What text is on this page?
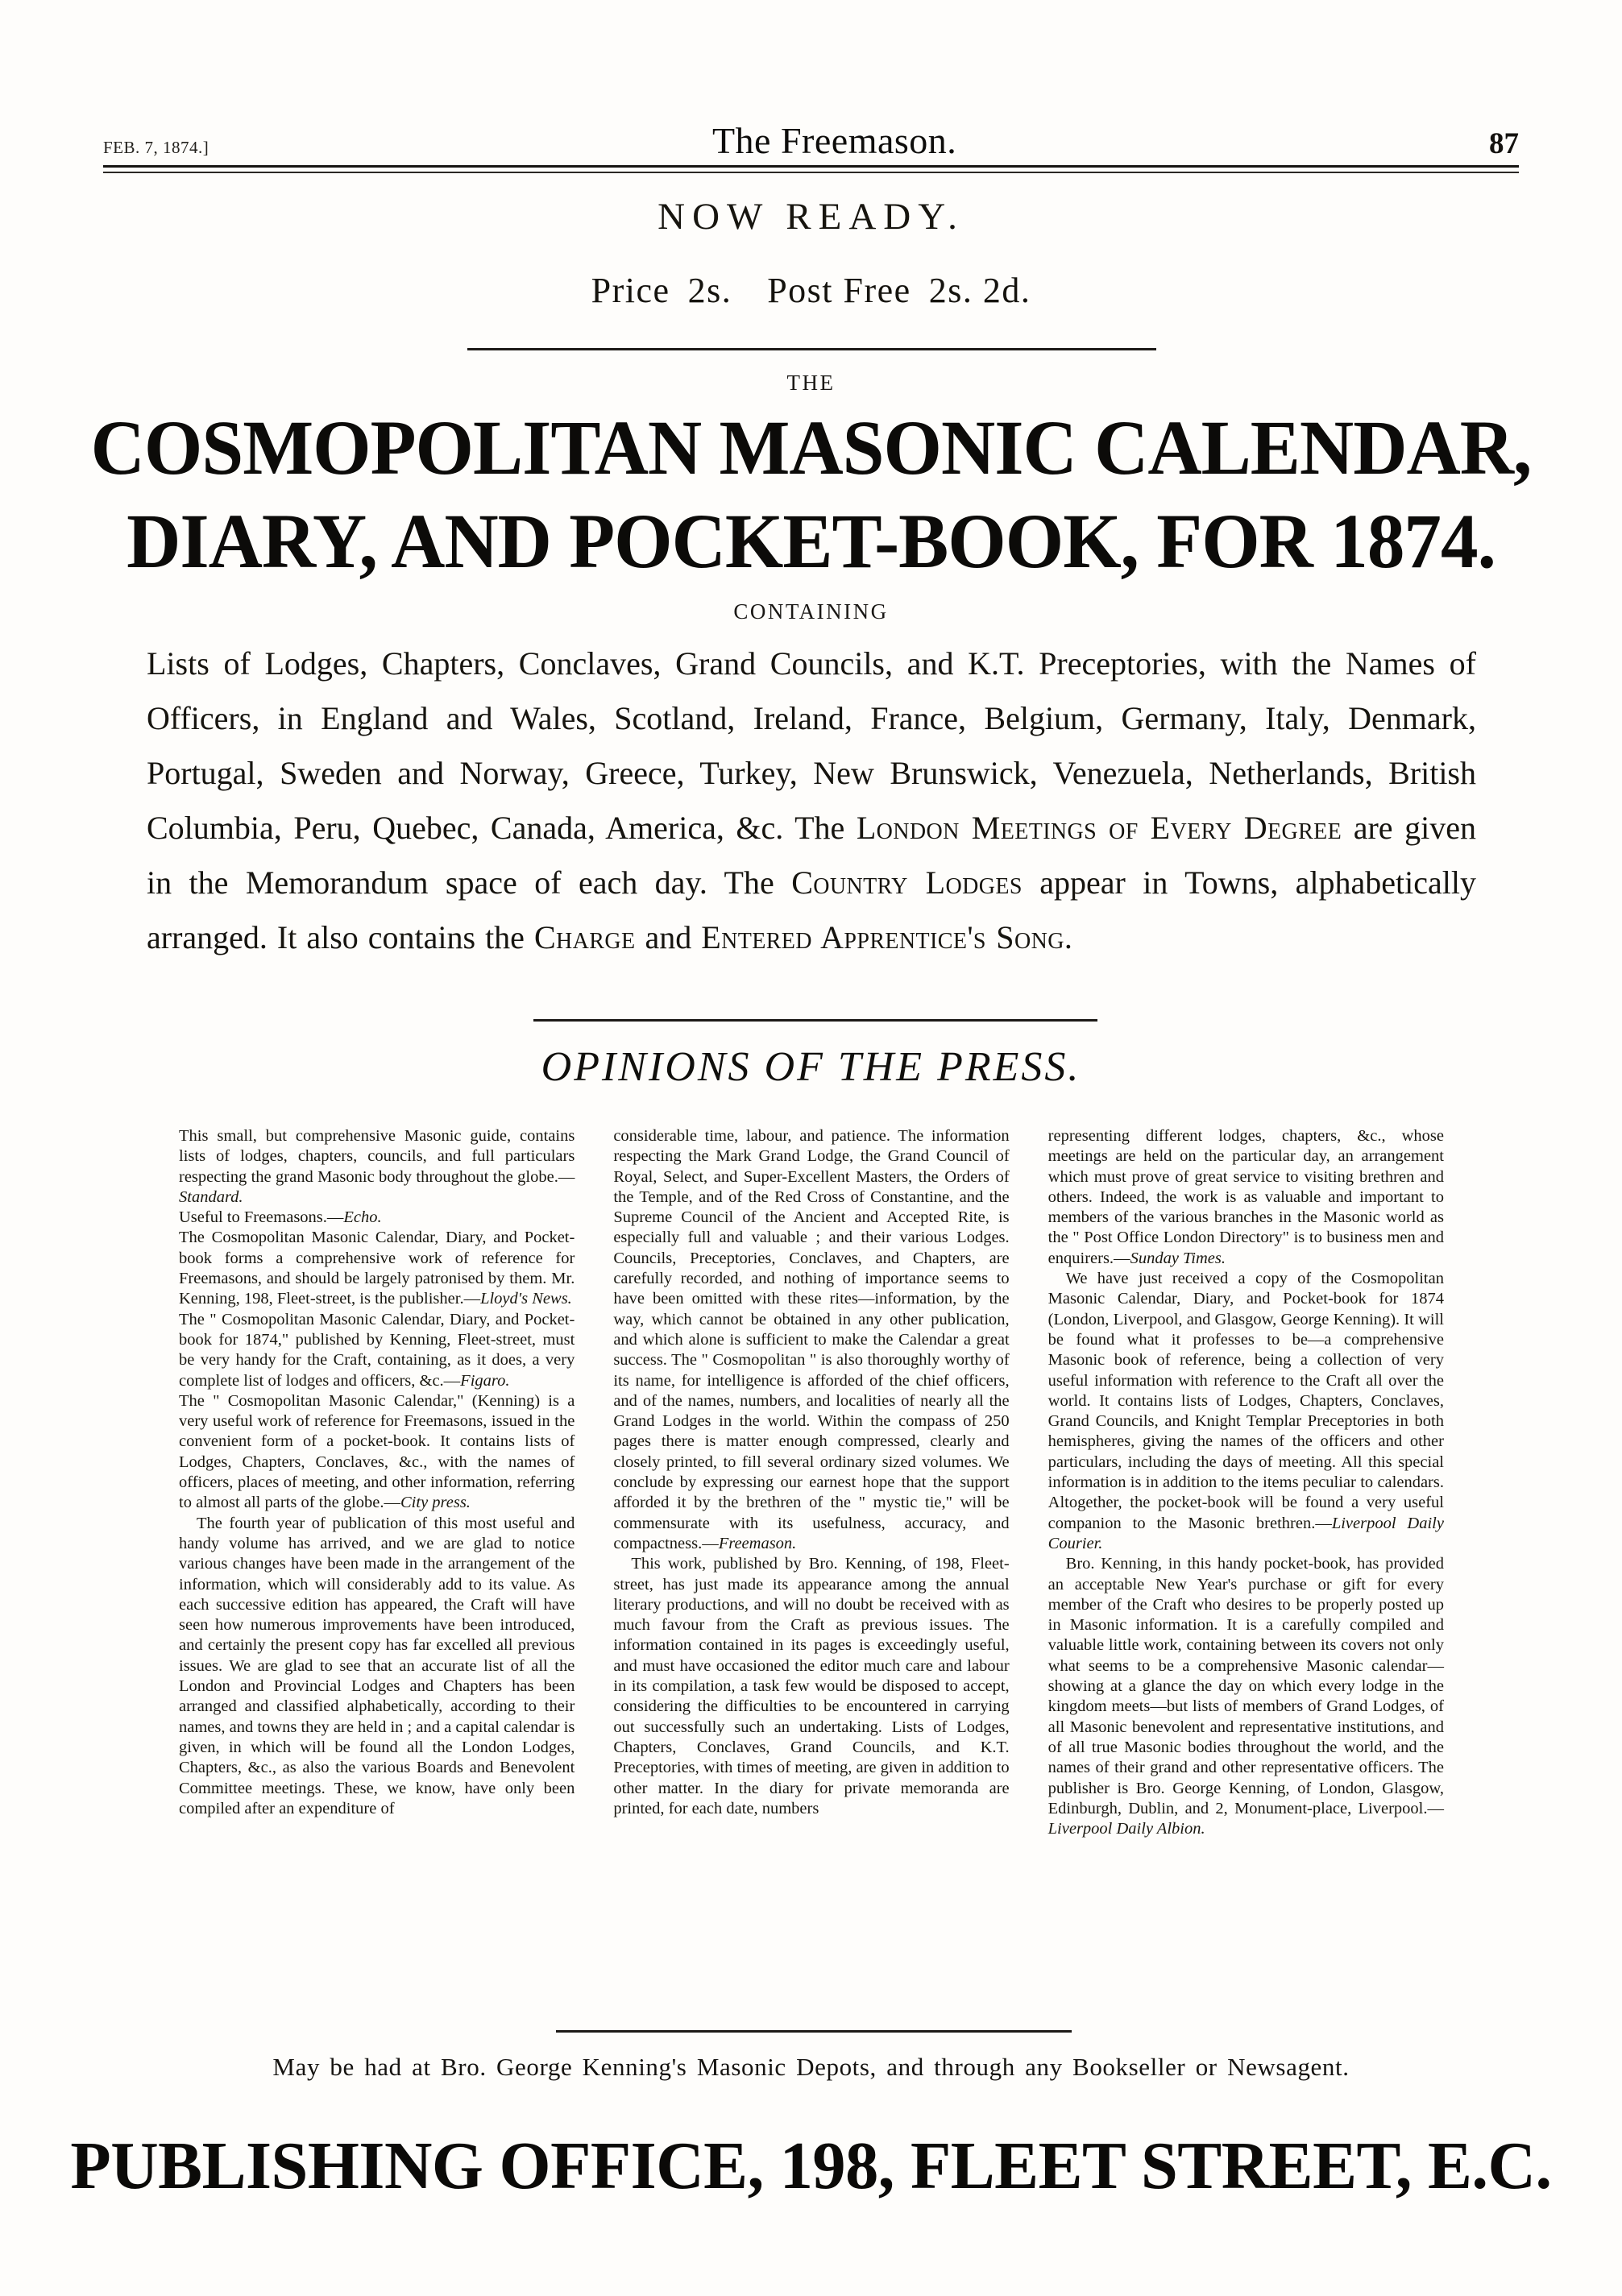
FEB. 7, 1874.]	The Freemason.	87
NOW READY.
Price 2s. Post Free 2s. 2d.
THE
COSMOPOLITAN MASONIC CALENDAR,
DIARY, AND POCKET-BOOK, FOR 1874.
CONTAINING
Lists of Lodges, Chapters, Conclaves, Grand Councils, and K.T. Preceptories, with the Names of Officers, in England and Wales, Scotland, Ireland, France, Belgium, Germany, Italy, Denmark, Portugal, Sweden and Norway, Greece, Turkey, New Brunswick, Venezuela, Netherlands, British Columbia, Peru, Quebec, Canada, America, &c. The London Meetings of Every Degree are given in the Memorandum space of each day. The Country Lodges appear in Towns, alphabetically arranged. It also contains the Charge and Entered Apprentice's Song.
OPINIONS OF THE PRESS.

This small, but comprehensive Masonic guide, contains lists of lodges, chapters, councils, and full particulars respecting the grand Masonic body throughout the globe.—Standard.

Useful to Freemasons.—Echo.

The Cosmopolitan Masonic Calendar, Diary, and Pocket-book forms a comprehensive work of reference for Freemasons, and should be largely patronised by them. Mr. Kenning, 198, Fleet-street, is the publisher.—Lloyd's News.

The " Cosmopolitan Masonic Calendar, Diary, and Pocket-book for 1874," published by Kenning, Fleet-street, must be very handy for the Craft, containing, as it does, a very complete list of lodges and officers, &c.—Figaro.

The " Cosmopolitan Masonic Calendar," (Kenning) is a very useful work of reference for Freemasons, issued in the convenient form of a pocket-book. It contains lists of Lodges, Chapters, Conclaves, &c., with the names of officers, places of meeting, and other information, referring to almost all parts of the globe.—City press.

The fourth year of publication of this most useful and handy volume has arrived, and we are glad to notice various changes have been made in the arrangement of the information, which will considerably add to its value. As each successive edition has appeared, the Craft will have seen how numerous improvements have been introduced, and certainly the present copy has far excelled all previous issues. We are glad to see that an accurate list of all the London and Provincial Lodges and Chapters has been arranged and classified alphabetically, according to their names, and towns they are held in ; and a capital calendar is given, in which will be found all the London Lodges, Chapters, &c., as also the various Boards and Benevolent Committee meetings. These, we know, have only been compiled after an expenditure of

considerable time, labour, and patience. The information respecting the Mark Grand Lodge, the Grand Council of Royal, Select, and Super-Excellent Masters, the Orders of the Temple, and of the Red Cross of Constantine, and the Supreme Council of the Ancient and Accepted Rite, is especially full and valuable ; and their various Lodges. Councils, Preceptories, Conclaves, and Chapters, are carefully recorded, and nothing of importance seems to have been omitted with these rites—information, by the way, which cannot be obtained in any other publication, and which alone is sufficient to make the Calendar a great success. The " Cosmopolitan " is also thoroughly worthy of its name, for intelligence is afforded of the chief officers, and of the names, numbers, and localities of nearly all the Grand Lodges in the world. Within the compass of 250 pages there is matter enough compressed, clearly and closely printed, to fill several ordinary sized volumes. We conclude by expressing our earnest hope that the support afforded it by the brethren of the " mystic tie," will be commensurate with its usefulness, accuracy, and compactness.—Freemason.

This work, published by Bro. Kenning, of 198, Fleet-street, has just made its appearance among the annual literary productions, and will no doubt be received with as much favour from the Craft as previous issues. The information contained in its pages is exceedingly useful, and must have occasioned the editor much care and labour in its compilation, a task few would be disposed to accept, considering the difficulties to be encountered in carrying out successfully such an undertaking. Lists of Lodges, Chapters, Conclaves, Grand Councils, and K.T. Preceptories, with times of meeting, are given in addition to other matter. In the diary for private memoranda are printed, for each date, numbers

representing different lodges, chapters, &c., whose meetings are held on the particular day, an arrangement which must prove of great service to visiting brethren and others. Indeed, the work is as valuable and important to members of the various branches in the Masonic world as the " Post Office London Directory" is to business men and enquirers.—Sunday Times.

We have just received a copy of the Cosmopolitan Masonic Calendar, Diary, and Pocket-book for 1874 (London, Liverpool, and Glasgow, George Kenning). It will be found what it professes to be—a comprehensive Masonic book of reference, being a collection of very useful information with reference to the Craft all over the world. It contains lists of Lodges, Chapters, Conclaves, Grand Councils, and Knight Templar Preceptories in both hemispheres, giving the names of the officers and other particulars, including the days of meeting. All this special information is in addition to the items peculiar to calendars. Altogether, the pocket-book will be found a very useful companion to the Masonic brethren.—Liverpool Daily Courier.

Bro. Kenning, in this handy pocket-book, has provided an acceptable New Year's purchase or gift for every member of the Craft who desires to be properly posted up in Masonic information. It is a carefully compiled and valuable little work, containing between its covers not only what seems to be a comprehensive Masonic calendar—showing at a glance the day on which every lodge in the kingdom meets—but lists of members of Grand Lodges, of all Masonic benevolent and representative institutions, and of all true Masonic bodies throughout the world, and the names of their grand and other representative officers. The publisher is Bro. George Kenning, of London, Glasgow, Edinburgh, Dublin, and 2, Monument-place, Liverpool.—Liverpool Daily Albion.

May be had at Bro. George Kenning's Masonic Depots, and through any Bookseller or Newsagent.
PUBLISHING OFFICE, 198, FLEET STREET, E.C.
